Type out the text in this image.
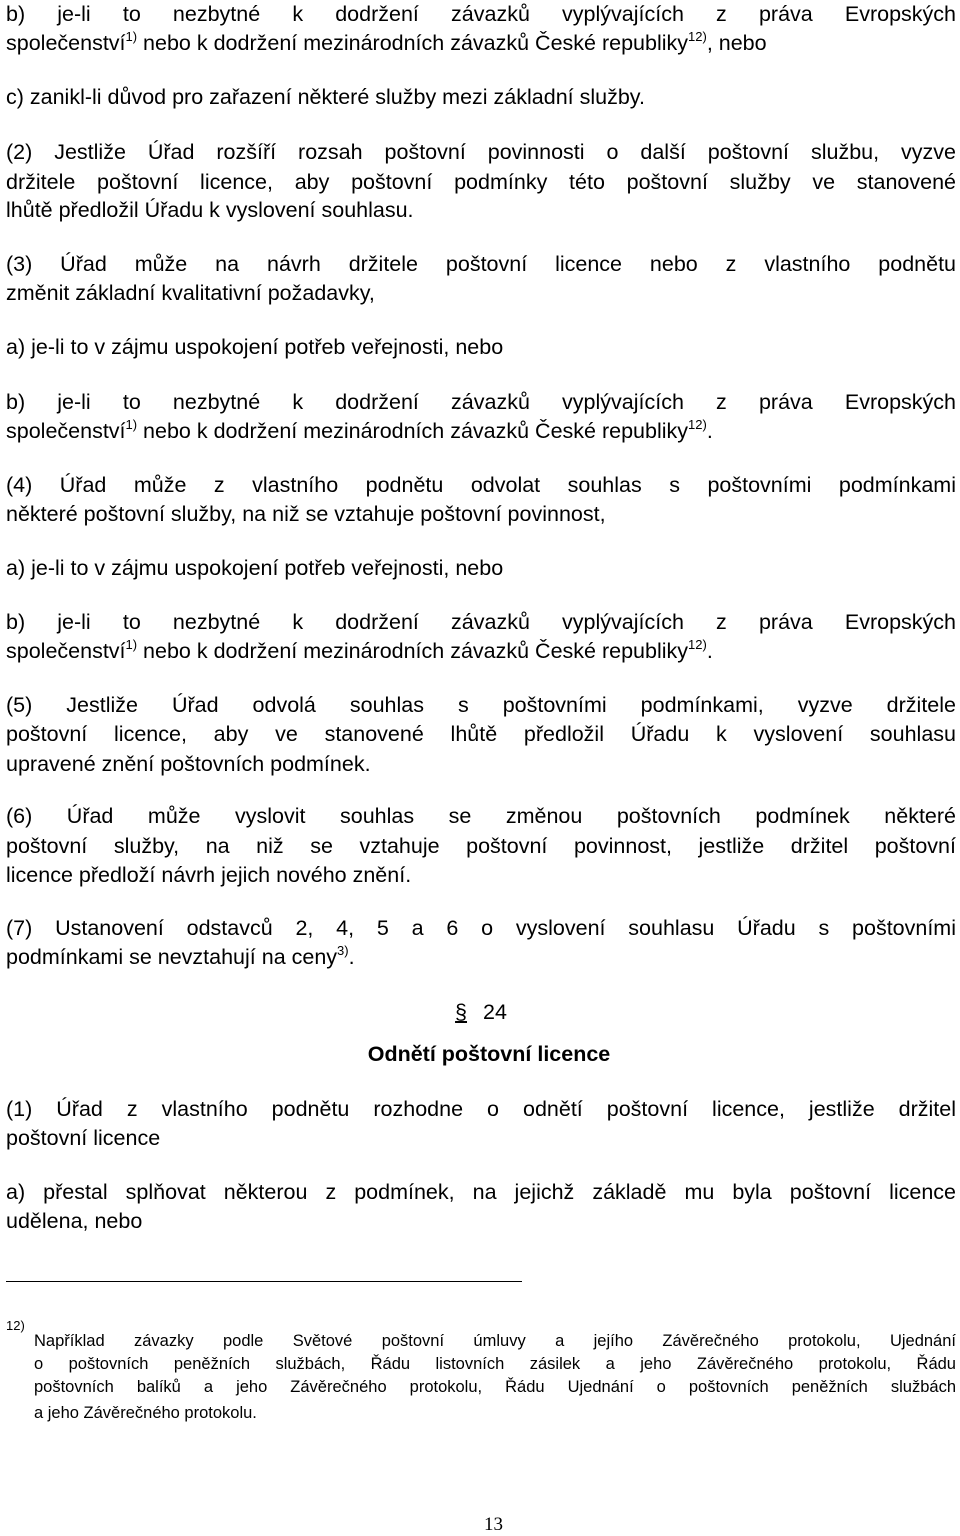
b) je-li to nezbytné k dodržení závazků vyplývajících z práva Evropských
společenství$^{1)}$ nebo k dodržení mezinárodních závazků České republiky$^{12)}$, nebo
c) zanikl-li důvod pro zařazení některé služby mezi základní služby.
(2) Jestliže Úřad rozšíří rozsah poštovní povinnosti o další poštovní službu, vyzve
držitele poštovní licence, aby poštovní podmínky této poštovní služby ve stanovené
lhůtě předložil Úřadu k vyslovení souhlasu.
(3) Úřad může na návrh držitele poštovní licence nebo z vlastního podnětu
změnit základní kvalitativní požadavky,
a) je-li to v zájmu uspokojení potřeb veřejnosti, nebo
b) je-li to nezbytné k dodržení závazků vyplývajících z práva Evropských
společenství$^{1)}$ nebo k dodržení mezinárodních závazků České republiky$^{12)}$.
(4) Úřad může z vlastního podnětu odvolat souhlas s poštovními podmínkami
některé poštovní služby, na niž se vztahuje poštovní povinnost,
a) je-li to v zájmu uspokojení potřeb veřejnosti, nebo
b) je-li to nezbytné k dodržení závazků vyplývajících z práva Evropských
společenství$^{1)}$ nebo k dodržení mezinárodních závazků České republiky$^{12)}$.
(5) Jestliže Úřad odvolá souhlas s poštovními podmínkami, vyzve držitele
poštovní licence, aby ve stanovené lhůtě předložil Úřadu k vyslovení souhlasu
upravené znění poštovních podmínek.
(6) Úřad může vyslovit souhlas se změnou poštovních podmínek některé
poštovní služby, na niž se vztahuje poštovní povinnost, jestliže držitel poštovní
licence předloží návrh jejich nového znění.
(7) Ustanovení odstavců 2, 4, 5 a 6 o vyslovení souhlasu Úřadu s poštovními
podmínkami se nevztahují na ceny$^{3)}$.
§ 24
Odnětí poštovní licence
(1) Úřad z vlastního podnětu rozhodne o odnětí poštovní licence, jestliže držitel
poštovní licence
a) přestal splňovat některou z podmínek, na jejichž základě mu byla poštovní licence
udělena, nebo
12)
Například závazky podle Světové poštovní úmluvy a jejího Závěrečného protokolu, Ujednání
o poštovních peněžních službách, Řádu listovních zásilek a jeho Závěrečného protokolu, Řádu
poštovních balíků a jeho Závěrečného protokolu, Řádu Ujednání o poštovních peněžních službách
a jeho Závěrečného protokolu.
13
